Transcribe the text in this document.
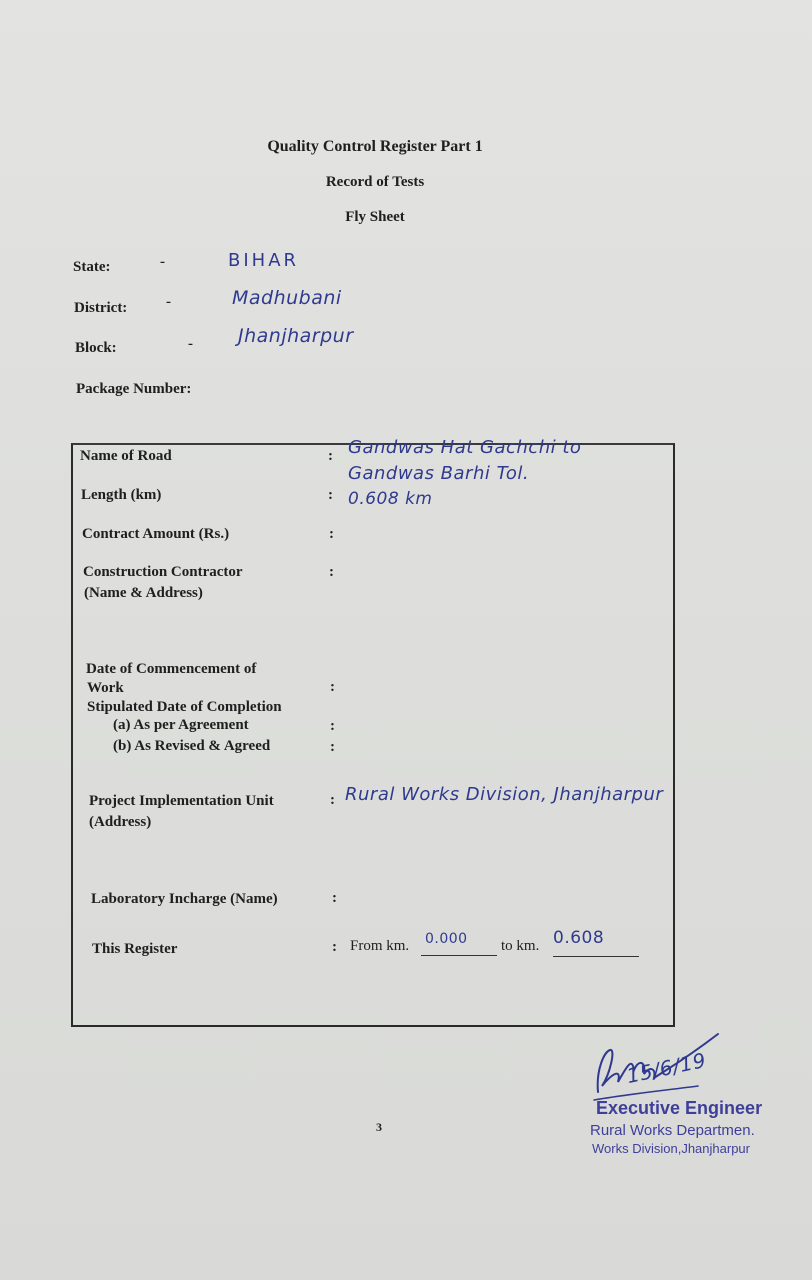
Quality Control Register Part 1
Record of Tests
Fly Sheet
State:	-	BIHAR
District:	-	Madhubani
Block:	- Jhanjharpur
Package Number:
Name of Road	: Gandwas Hat Gachchi to
Gandwas Barhi Tol.
Length (km)	: 0.608 km
Contract Amount (Rs.)	:
Construction Contractor
(Name & Address)
:
Date of Commencement of
Work	:
Stipulated Date of Completion
(a) As per Agreement	:
(b) As Revised & Agreed	:
Project Implementation Unit
(Address)
: Rural Works Division, Jhanjharpur
Laboratory Incharge (Name)	:
This Register	: From km. 0.000 to km. 0.608
3
15/6/19
Executive Engineer
Rural Works Departmen.
Works Division,Jhanjharpur
